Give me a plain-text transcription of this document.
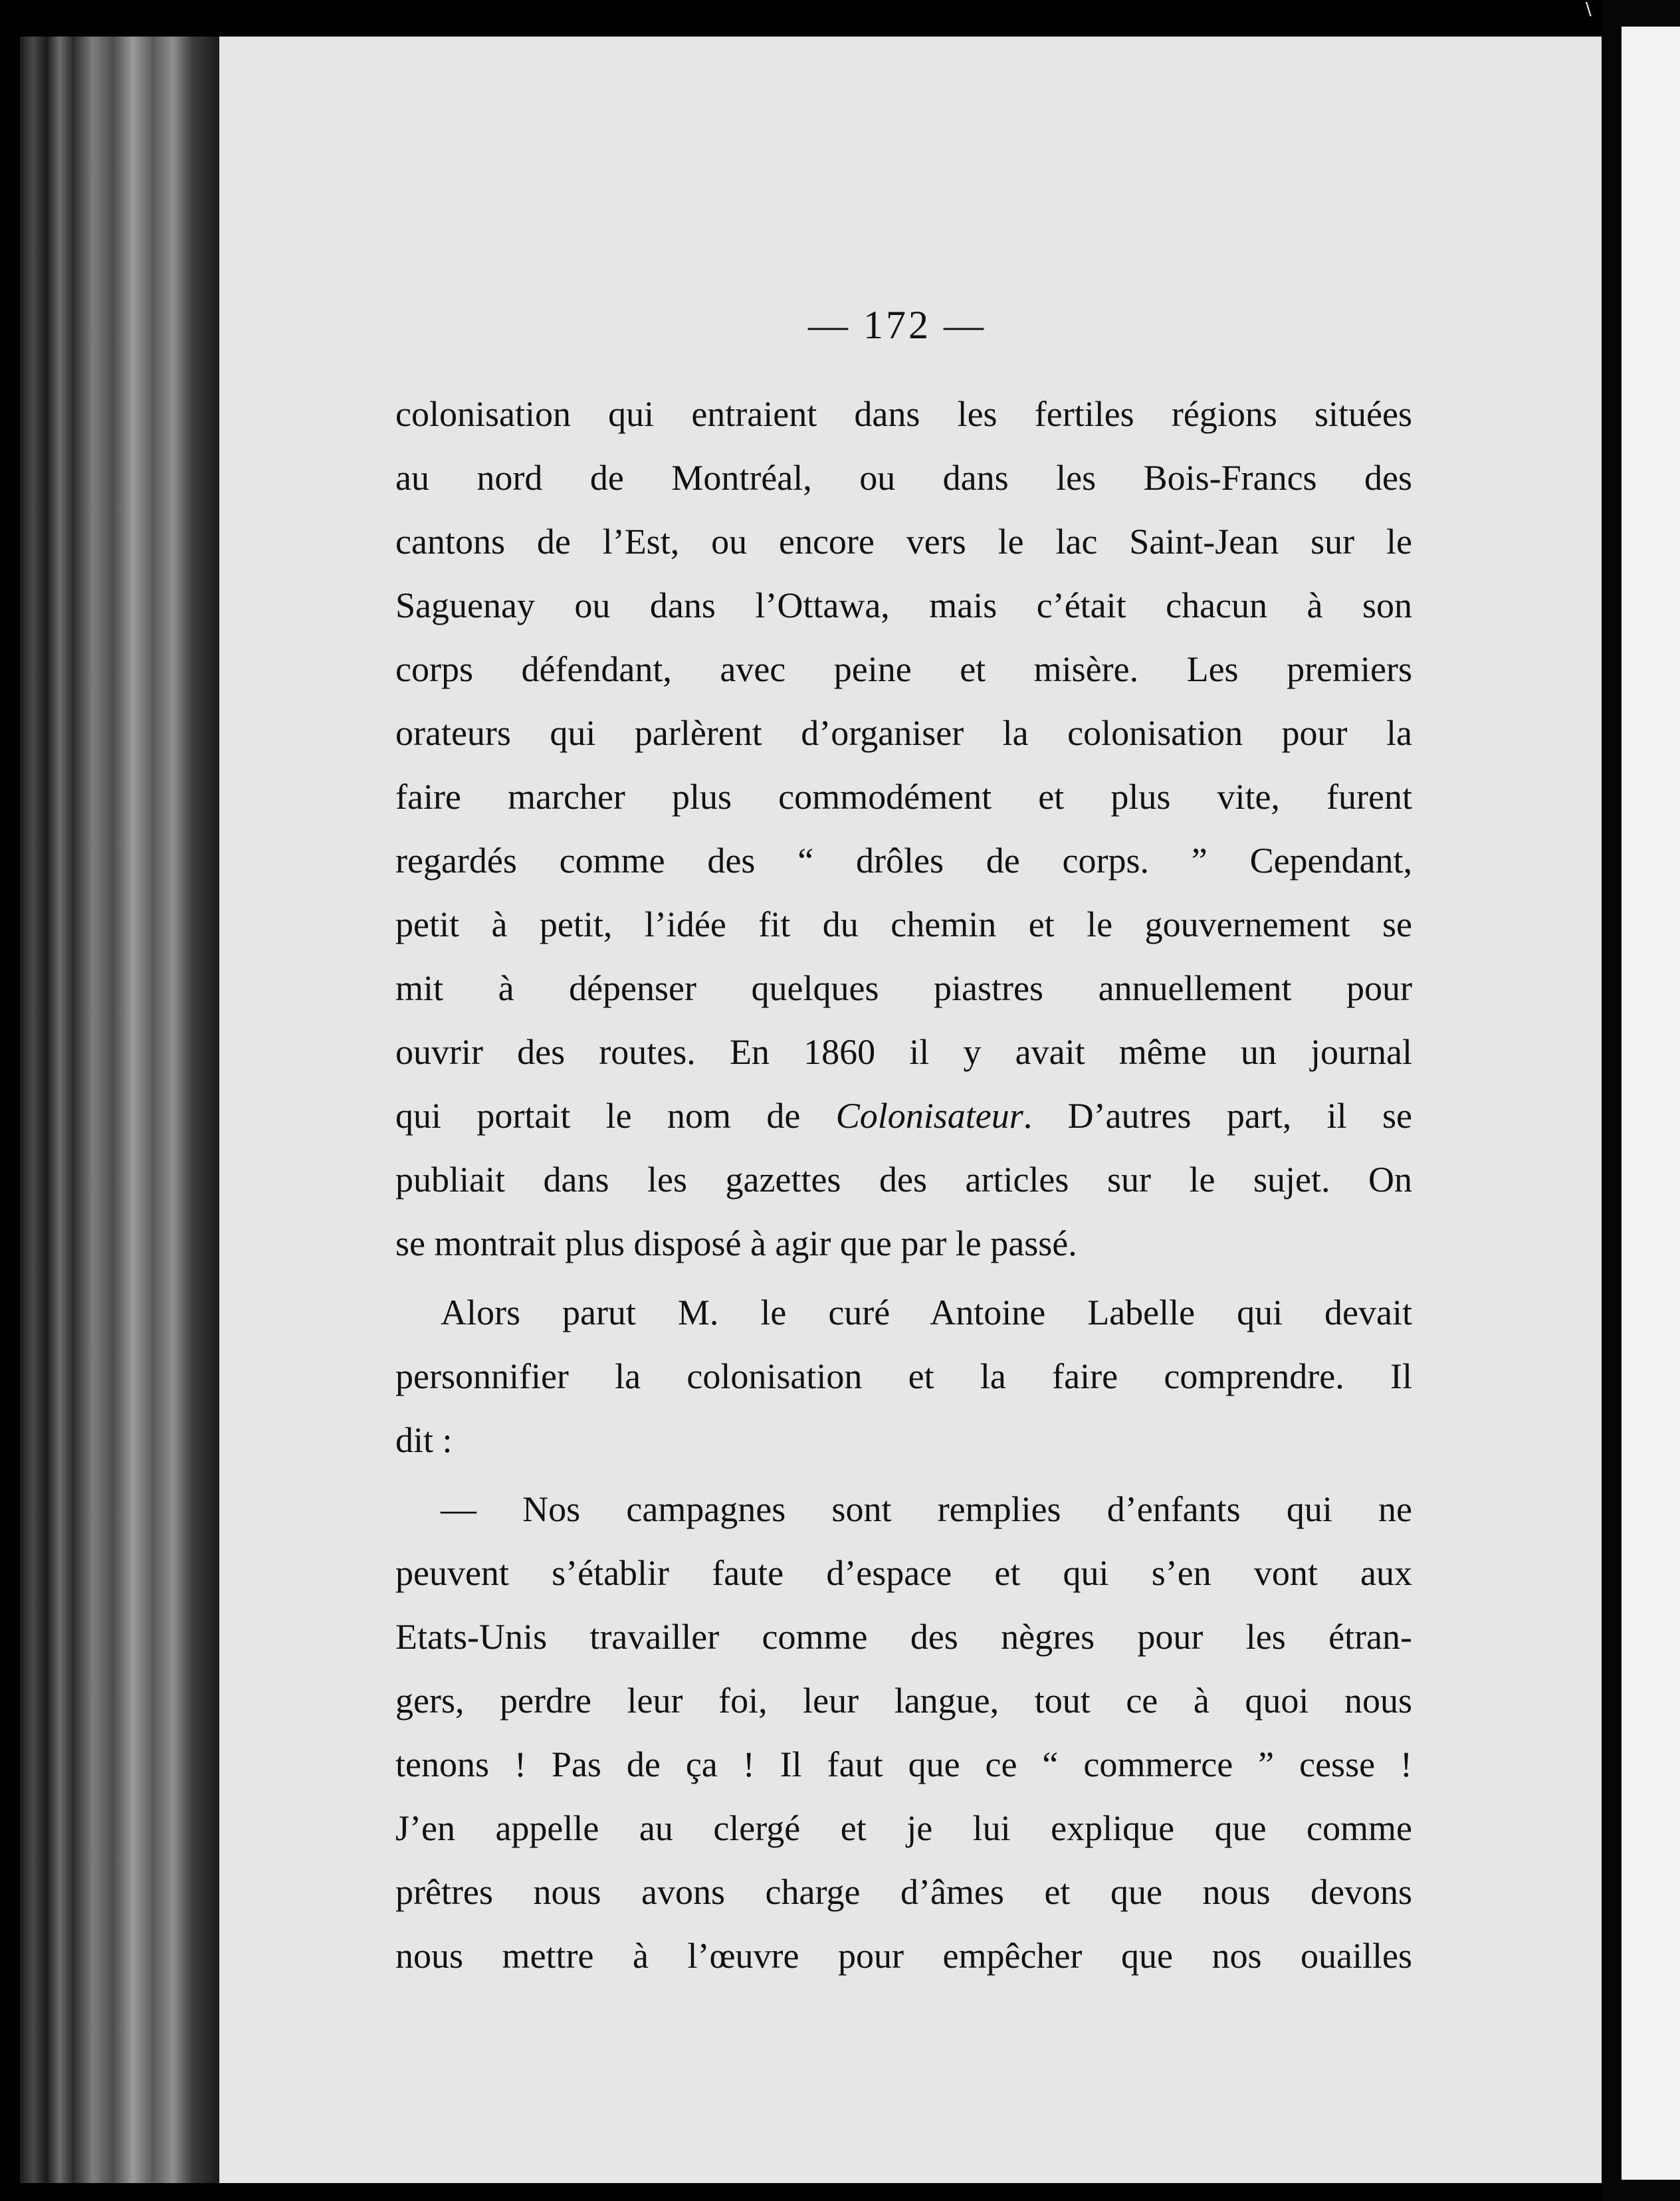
\
— 172 —
colonisation qui entraient dans les fertiles régions situées
au nord de Montréal, ou dans les Bois-Francs des
cantons de l’Est, ou encore vers le lac Saint-Jean sur le
Saguenay ou dans l’Ottawa, mais c’était chacun à son
corps défendant, avec peine et misère. Les premiers
orateurs qui parlèrent d’organiser la colonisation pour la
faire marcher plus commodément et plus vite, furent
regardés comme des “ drôles de corps. ” Cependant,
petit à petit, l’idée fit du chemin et le gouvernement se
mit à dépenser quelques piastres annuellement pour
ouvrir des routes. En 1860 il y avait même un journal
qui portait le nom de Colonisateur. D’autres part, il se
publiait dans les gazettes des articles sur le sujet. On
se montrait plus disposé à agir que par le passé.
Alors parut M. le curé Antoine Labelle qui devait
personnifier la colonisation et la faire comprendre. Il
dit :
— Nos campagnes sont remplies d’enfants qui ne
peuvent s’établir faute d’espace et qui s’en vont aux
Etats-Unis travailler comme des nègres pour les étran-
gers, perdre leur foi, leur langue, tout ce à quoi nous
tenons ! Pas de ça ! Il faut que ce “ commerce ” cesse !
J’en appelle au clergé et je lui explique que comme
prêtres nous avons charge d’âmes et que nous devons
nous mettre à l’œuvre pour empêcher que nos ouailles
